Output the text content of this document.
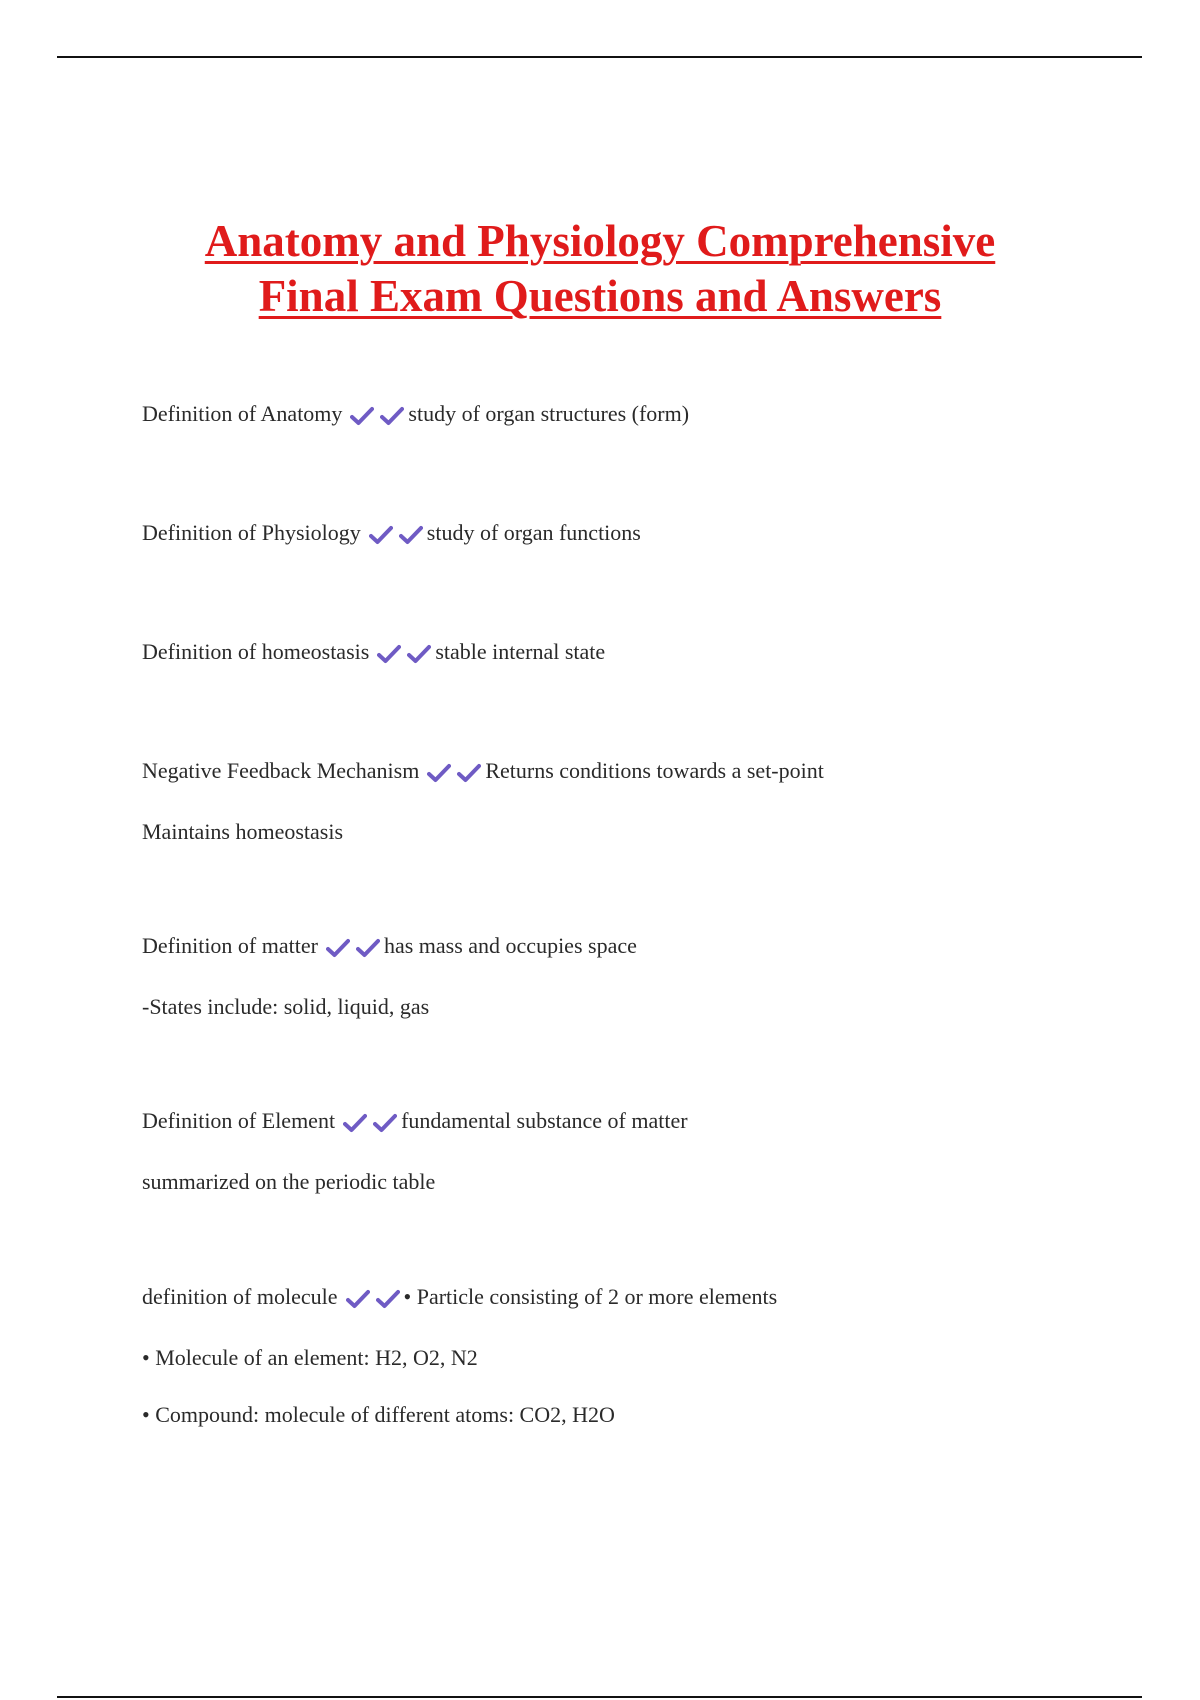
Anatomy and Physiology Comprehensive
Final Exam Questions and Answers
Definition of Anatomy	study of organ structures (form)
Definition of Physiology	study of organ functions
Definition of homeostasis	stable internal state
Negative Feedback Mechanism	Returns conditions towards a set-point
Maintains homeostasis
Definition of matter	has mass and occupies space
-States include: solid, liquid, gas
Definition of Element	fundamental substance of matter
summarized on the periodic table
definition of molecule	• Particle consisting of 2 or more elements
• Molecule of an element: H2, O2, N2
• Compound: molecule of different atoms: CO2, H2O
